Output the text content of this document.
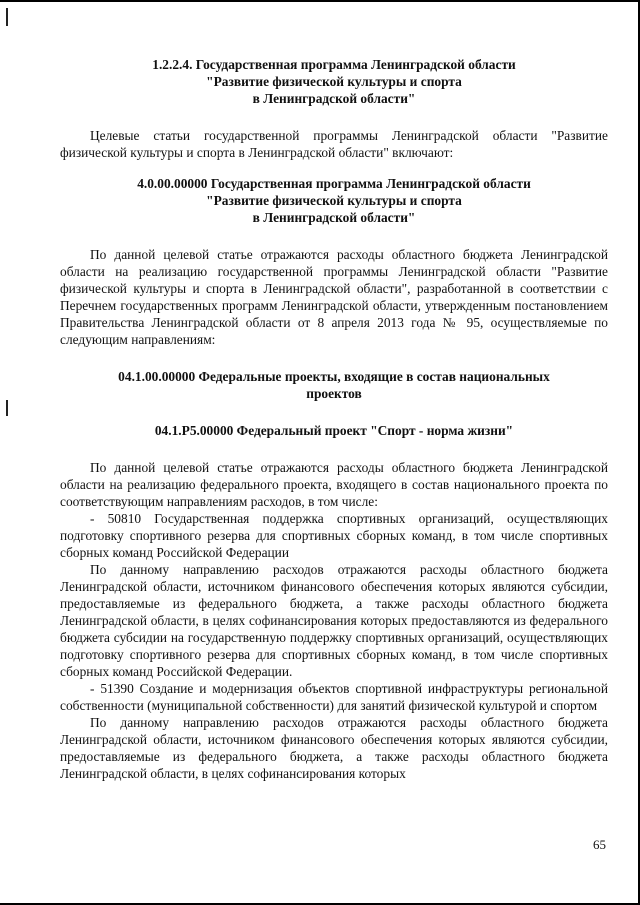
1.2.2.4. Государственная программа Ленинградской области

"Развитие физической культуры и спорта

в Ленинградской области"

Целевые статьи государственной программы Ленинградской области "Развитие физической культуры и спорта в Ленинградской области" включают:

4.0.00.00000 Государственная программа Ленинградской области

"Развитие физической культуры и спорта

в Ленинградской области"

По данной целевой статье отражаются расходы областного бюджета Ленинградской области на реализацию государственной программы Ленинградской области "Развитие физической культуры и спорта в Ленинградской области", разработанной в соответствии с Перечнем государственных программ Ленинградской области, утвержденным постановлением Правительства Ленинградской области от 8 апреля 2013 года № 95, осуществляемые по следующим направлениям:

04.1.00.00000 Федеральные проекты, входящие в состав национальных

проектов

04.1.P5.00000 Федеральный проект "Спорт - норма жизни"

По данной целевой статье отражаются расходы областного бюджета Ленинградской области на реализацию федерального проекта, входящего в состав национального проекта по соответствующим направлениям расходов, в том числе:

- 50810 Государственная поддержка спортивных организаций, осуществляющих подготовку спортивного резерва для спортивных сборных команд, в том числе спортивных сборных команд Российской Федерации

По данному направлению расходов отражаются расходы областного бюджета Ленинградской области, источником финансового обеспечения которых являются субсидии, предоставляемые из федерального бюджета, а также расходы областного бюджета Ленинградской области, в целях софинансирования которых предоставляются из федерального бюджета субсидии на государственную поддержку спортивных организаций, осуществляющих подготовку спортивного резерва для спортивных сборных команд, в том числе спортивных сборных команд Российской Федерации.

- 51390 Создание и модернизация объектов спортивной инфраструктуры региональной собственности (муниципальной собственности) для занятий физической культурой и спортом

По данному направлению расходов отражаются расходы областного бюджета Ленинградской области, источником финансового обеспечения которых являются субсидии, предоставляемые из федерального бюджета, а также расходы областного бюджета Ленинградской области, в целях софинансирования которых

65
